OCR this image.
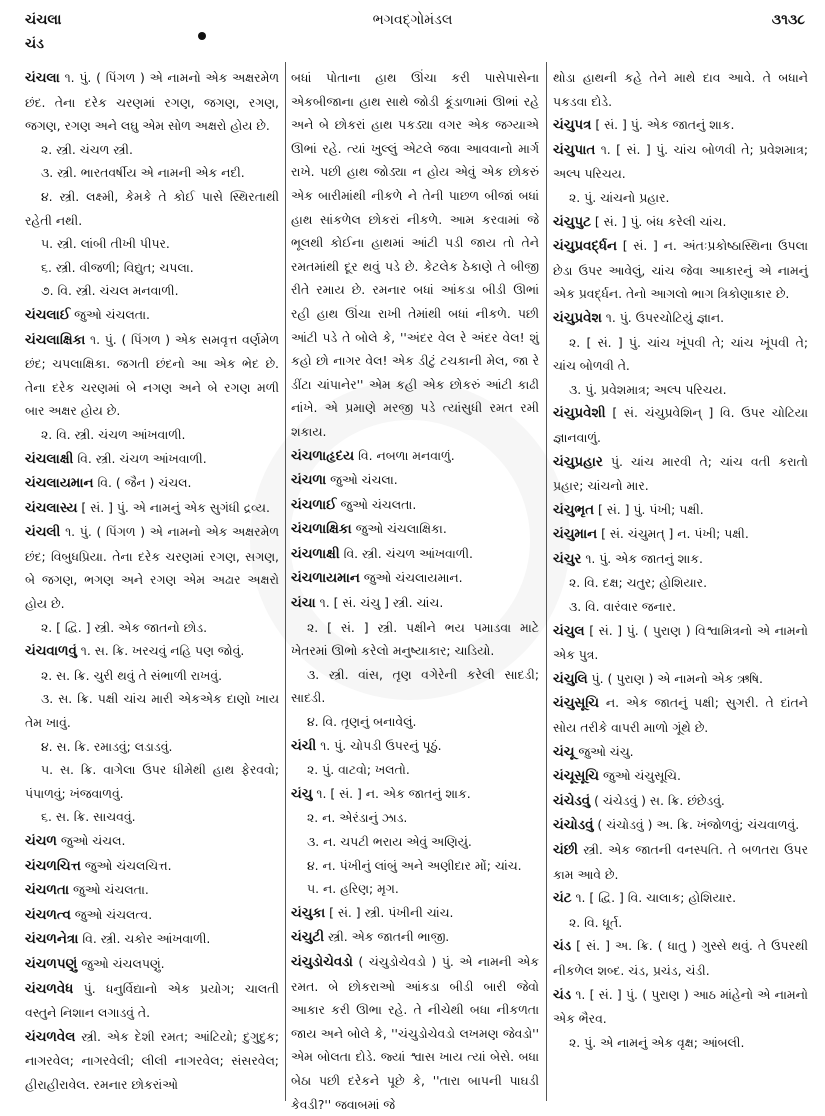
ચંચલા
ચંડ
ભગવદ્ગોમંડલ	૩૧૩૮

ચંચલા ૧. પું. ( પિંગળ ) એ નામનો એક અક્ષરમેળ છંદ. તેના દરેક ચરણમાં રગણ, જગણ, રગણ, જગણ, રગણ અને લઘુ એમ સોળ અક્ષરો હોય છે.

૨. સ્ત્રી. ચંચળ સ્ત્રી.

૩. સ્ત્રી. ભારતવર્ષીય એ નામની એક નદી.

૪. સ્ત્રી. લક્ષ્મી, કેમકે તે કોઈ પાસે સ્થિરતાથી રહેતી નથી.

૫. સ્ત્રી. લાંબી તીખી પીપર.

૬. સ્ત્રી. વીજળી; વિદ્યુત; ચપલા.

૭. વિ. સ્ત્રી. ચંચલ મનવાળી.

ચંચલાઈ જુઓ ચંચલતા.

ચંચલાક્ષિકા ૧. પું. ( પિંગળ ) એક સમવૃત્ત વર્ણમેળ છંદ; ચપલાક્ષિકા. જગતી છંદનો આ એક ભેદ છે. તેના દરેક ચરણમાં બે નગણ અને બે રગણ મળી બાર અક્ષર હોય છે.

૨. વિ. સ્ત્રી. ચંચળ આંખવાળી.

ચંચલાક્ષી વિ. સ્ત્રી. ચંચળ આંખવાળી.

ચંચલાયમાન વિ. ( જૈન ) ચંચલ.

ચંચલાસ્ય [ સં. ] પું. એ નામનું એક સુગંધી દ્રવ્ય.

ચંચલી ૧. પું. ( પિંગળ ) એ નામનો એક અક્ષરમેળ છંદ; વિબુધપ્રિયા. તેના દરેક ચરણમાં રગણ, સગણ, બે જગણ, ભગણ અને રગણ એમ અઢાર અક્ષરો હોય છે.

૨. [ દ્વિ. ] સ્ત્રી. એક જાતનો છોડ.

ચંચવાળવું ૧. સ. ક્રિ. ખરચવું નહિ પણ જોવું.

૨. સ. ક્રિ. ચુરી થવું તે સંભાળી રાખવું.

૩. સ. ક્રિ. પક્ષી ચાંચ મારી એકએક દાણો ખાય તેમ ખાવું.

૪. સ. ક્રિ. રમાડવું; લડાડવું.

૫. સ. ક્રિ. વાગેલા ઉપર ધીમેથી હાથ ફેરવવો; પંપાળવું; ખંજવાળવું.

૬. સ. ક્રિ. સાચવવું.

ચંચળ જુઓ ચંચલ.

ચંચળચિત્ત જુઓ ચંચલચિત્ત.

ચંચળતા જુઓ ચંચલતા.

ચંચળત્વ જુઓ ચંચલત્વ.

ચંચળનેત્રા વિ. સ્ત્રી. ચકોર આંખવાળી.

ચંચળપણું જુઓ ચંચલપણું.

ચંચળવેધ પું. ધનુર્વિદ્યાનો એક પ્રયોગ; ચાલતી વસ્તુને નિશાન લગાડવું તે.

ચંચળવેલ સ્ત્રી. એક દેશી રમત; આંટિયો; દુગુદુક; નાગરવેલ; નાગરવેલી; લીલી નાગરવેલ; સંસરવેલ; હીરાહીરાવેલ. રમનાર છોકરાંઓ

બધાં પોતાના હાથ ઊંચા કરી પાસેપાસેના એકબીજાના હાથ સાથે જોડી કૂંડાળામાં ઊભાં રહે અને બે છોકરાં હાથ પકડ્યા વગર એક જગ્યાએ ઊભાં રહે. ત્યાં ખુલ્લું એટલે જવા આવવાનો માર્ગ રાખે. પછી હાથ જોડ્યા ન હોય એવું એક છોકરું એક બારીમાંથી નીકળે ને તેની પાછળ બીજાં બધાં હાથ સાંકળેલ છોકરાં નીકળે. આમ કરવામાં જે ભૂલથી કોઈના હાથમાં આંટી પડી જાય તો તેને રમતમાંથી દૂર થવું પડે છે. કેટલેક ઠેકાણે તે બીજી રીતે રમાય છે. રમનાર બધાં આંકડા બીડી ઊભાં રહી હાથ ઊંચા રાખી તેમાંથી બધાં નીકળે. પછી આંટી પડે તે બોલે કે, ''અંદર વેલ રે અંદર વેલ! શું કહો છો નાગર વેલ! એક ડીટું ટચકાની મેલ, જા રે ડીંટા ચાંપાનેર'' એમ કહી એક છોકરું આંટી કાઢી નાંખે. એ પ્રમાણે મરજી પડે ત્યાંસુધી રમત રમી શકાય.

ચંચળાહૃદય વિ. નબળા મનવાળું.

ચંચળા જુઓ ચંચલા.

ચંચળાઈ જુઓ ચંચલતા.

ચંચળાક્ષિકા જુઓ ચંચલાક્ષિકા.

ચંચળાક્ષી વિ. સ્ત્રી. ચંચળ આંખવાળી.

ચંચળાયમાન જુઓ ચંચલાયમાન.

ચંચા ૧. [ સં. ચંચુ ] સ્ત્રી. ચાંચ.

૨. [ સં. ] સ્ત્રી. પક્ષીને ભય પમાડવા માટે ખેતરમાં ઊભો કરેલો મનુષ્યાકાર; ચાડિયો.

૩. સ્ત્રી. વાંસ, તૃણ વગેરેની કરેલી સાદડી; સાદડી.

૪. વિ. તૃણનું બનાવેલું.

ચંચી ૧. પું. ચોપડી ઉપરનું પૂઠું.

૨. પું. વાટવો; ખલતો.

ચંચુ ૧. [ સં. ] ન. એક જાતનું શાક.

૨. ન. એરંડાનું ઝાડ.

૩. ન. ચપટી ભરાય એવું અણિયું.

૪. ન. પંખીનું લાંબું અને અણીદાર મોં; ચાંચ.

૫. ન. હરિણ; મૃગ.

ચંચુકા [ સં. ] સ્ત્રી. પંખીની ચાંચ.

ચંચુટી સ્ત્રી. એક જાતની ભાજી.

ચંચુડોચેવડો ( ચંચુડોચેવડો ) પું. એ નામની એક રમત. બે છોકરાઓ આંકડા બીડી બારી જેવો આકાર કરી ઊભા રહે. તે નીચેથી બધા નીકળતા જાય અને બોલે કે, ''ચંચુડોચેવડો લખમણ જેવડો'' એમ બોલતા દોડે. જ્યાં શ્વાસ ખાય ત્યાં બેસે. બધા બેઠા પછી દરેકને પૂછે કે, ''તારા બાપની પાઘડી કેવડી?'' જવાબમાં જે

થોડા હાથની કહે તેને માથે દાવ આવે. તે બધાને પકડવા દોડે.

ચંચુપત્ર [ સં. ] પું. એક જાતનું શાક.

ચંચુપાત ૧. [ સં. ] પું. ચાંચ બોળવી તે; પ્રવેશમાત્ર; અલ્પ પરિચય.

૨. પું. ચાંચનો પ્રહાર.

ચંચુપુટ [ સં. ] પું. બંધ કરેલી ચાંચ.

ચંચુપ્રવર્દ્ધન [ સં. ] ન. અંતઃપ્રકોષ્ઠાસ્થિના ઉપલા છેડા ઉપર આવેલું, ચાંચ જેવા આકારનું એ નામનું એક પ્રવર્દ્ધન. તેનો આગલો ભાગ ત્રિકોણાકાર છે.

ચંચુપ્રવેશ ૧. પું. ઉપરચોટિયું જ્ઞાન.

૨. [ સં. ] પું. ચાંચ ખૂંપવી તે; ચાંચ ખૂંપવી તે; ચાંચ બોળવી તે.

૩. પું. પ્રવેશમાત્ર; અલ્પ પરિચય.

ચંચુપ્રવેશી [ સં. ચંચુપ્રવેશિન્ ] વિ. ઉપર ચોટિયા જ્ઞાનવાળું.

ચંચુપ્રહાર પું. ચાંચ મારવી તે; ચાંચ વતી કરાતો પ્રહાર; ચાંચનો માર.

ચંચુભૃત [ સં. ] પું. પંખી; પક્ષી.

ચંચુમાન [ સં. ચંચુમત્ ] ન. પંખી; પક્ષી.

ચંચુર ૧. પું. એક જાતનું શાક.

૨. વિ. દક્ષ; ચતુર; હોશિયાર.

૩. વિ. વારંવાર જનાર.

ચંચુલ [ સં. ] પું. ( પુરાણ ) વિશ્વામિત્રનો એ નામનો એક પુત્ર.

ચંચુલિ પું. ( પુરાણ ) એ નામનો એક ઋષિ.

ચંચુસૂચિ ન. એક જાતનું પક્ષી; સુગરી. તે દાંતને સોય તરીકે વાપરી માળો ગૂંથે છે.

ચંચૂ જુઓ ચંચુ.

ચંચૂસૂચિ જુઓ ચંચુસૂચિ.

ચંચેડવું ( ચંચેડવું ) સ. ક્રિ. છંછેડવું.

ચંચોડવું ( ચંચોડવું ) અ. ક્રિ. ખંજોળવું; ચંચવાળવું.

ચંછી સ્ત્રી. એક જાતની વનસ્પતિ. તે બળતરા ઉપર કામ આવે છે.

ચંટ ૧. [ દ્વિ. ] વિ. ચાલાક; હોશિયાર.

૨. વિ. ધૂર્ત.

ચંડ [ સં. ] અ. ક્રિ. ( ધાતુ ) ગુસ્સે થવું. તે ઉપરથી નીકળેલ શબ્દ. ચંડ, પ્રચંડ, ચંડી.

ચંડ ૧. [ સં. ] પું. ( પુરાણ ) આઠ માંહેનો એ નામનો એક ભૈરવ.

૨. પું. એ નામનું એક વૃક્ષ; આંબલી.
